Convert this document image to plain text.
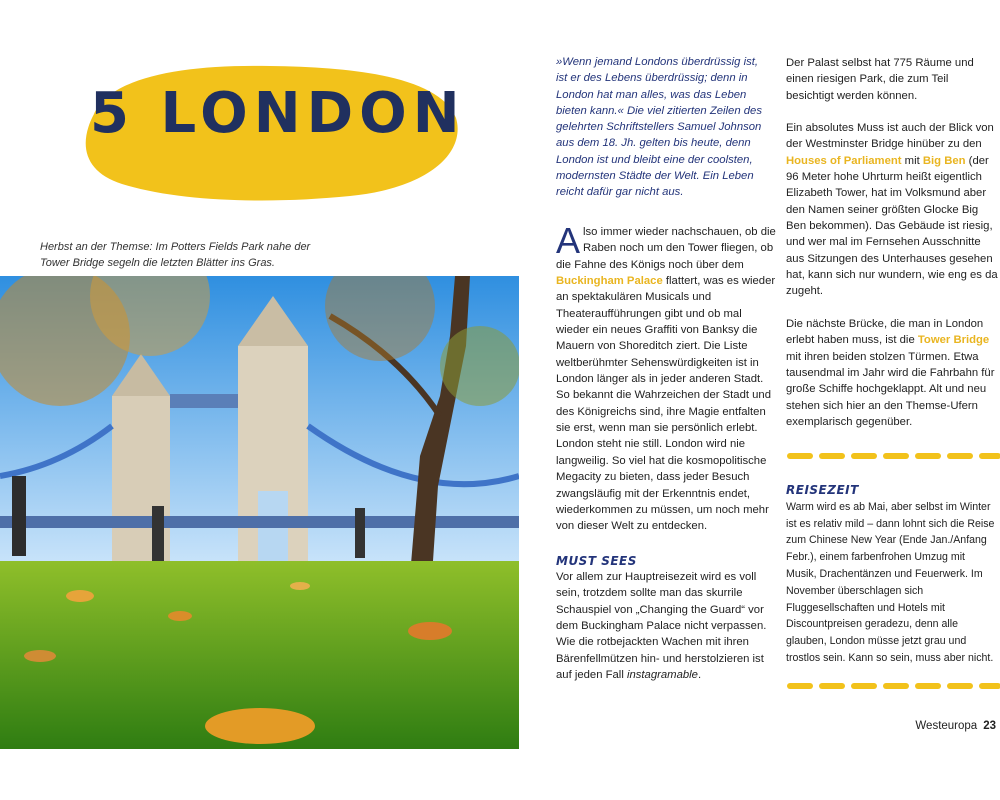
5 LONDON

Herbst an der Themse: Im Potters Fields Park nahe der Tower Bridge segeln die letzten Blätter ins Gras.

»Wenn jemand Londons überdrüssig ist, ist er des Lebens überdrüssig; denn in London hat man alles, was das Leben bieten kann.« Die viel zitierten Zeilen des gelehrten Schriftstellers Samuel Johnson aus dem 18. Jh. gelten bis heute, denn London ist und bleibt eine der coolsten, modernsten Städte der Welt. Ein Leben reicht dafür gar nicht aus.

Also immer wieder nachschauen, ob die Raben noch um den Tower fliegen, ob die Fahne des Königs noch über dem Buckingham Palace flattert, was es wieder an spektakulären Musicals und Theateraufführungen gibt und ob mal wieder ein neues Graffiti von Banksy die Mauern von Shoreditch ziert. Die Liste weltberühmter Sehenswürdigkeiten ist in London länger als in jeder anderen Stadt. So bekannt die Wahrzeichen der Stadt und des Königreichs sind, ihre Magie entfalten sie erst, wenn man sie persönlich erlebt. London steht nie still. London wird nie langweilig. So viel hat die kosmopolitische Megacity zu bieten, dass jeder Besuch zwangsläufig mit der Erkenntnis endet, wiederkommen zu müssen, um noch mehr von dieser Welt zu entdecken.

MUST SEES

Vor allem zur Hauptreisezeit wird es voll sein, trotzdem sollte man das skurrile Schauspiel von „Changing the Guard“ vor dem Buckingham Palace nicht verpassen. Wie die rotbejackten Wachen mit ihren Bärenfellmützen hin- und herstolzieren ist auf jeden Fall instagramable.

Der Palast selbst hat 775 Räume und einen riesigen Park, die zum Teil besichtigt werden können.

Ein absolutes Muss ist auch der Blick von der Westminster Bridge hinüber zu den Houses of Parliament mit Big Ben (der 96 Meter hohe Uhrturm heißt eigentlich Elizabeth Tower, hat im Volksmund aber den Namen seiner größten Glocke Big Ben bekommen). Das Gebäude ist riesig, und wer mal im Fernsehen Ausschnitte aus Sitzungen des Unterhauses gesehen hat, kann sich nur wundern, wie eng es da zugeht.

Die nächste Brücke, die man in London erlebt haben muss, ist die Tower Bridge mit ihren beiden stolzen Türmen. Etwa tausendmal im Jahr wird die Fahrbahn für große Schiffe hochgeklappt. Alt und neu stehen sich hier an den Themse-Ufern exemplarisch gegenüber.

REISEZEIT

Warm wird es ab Mai, aber selbst im Winter ist es relativ mild – dann lohnt sich die Reise zum Chinese New Year (Ende Jan./Anfang Febr.), einem farbenfrohen Umzug mit Musik, Drachentänzen und Feuerwerk. Im November überschlagen sich Fluggesellschaften und Hotels mit Discountpreisen geradezu, denn alle glauben, London müsse jetzt grau und trostlos sein. Kann so sein, muss aber nicht.

Westeuropa 23
